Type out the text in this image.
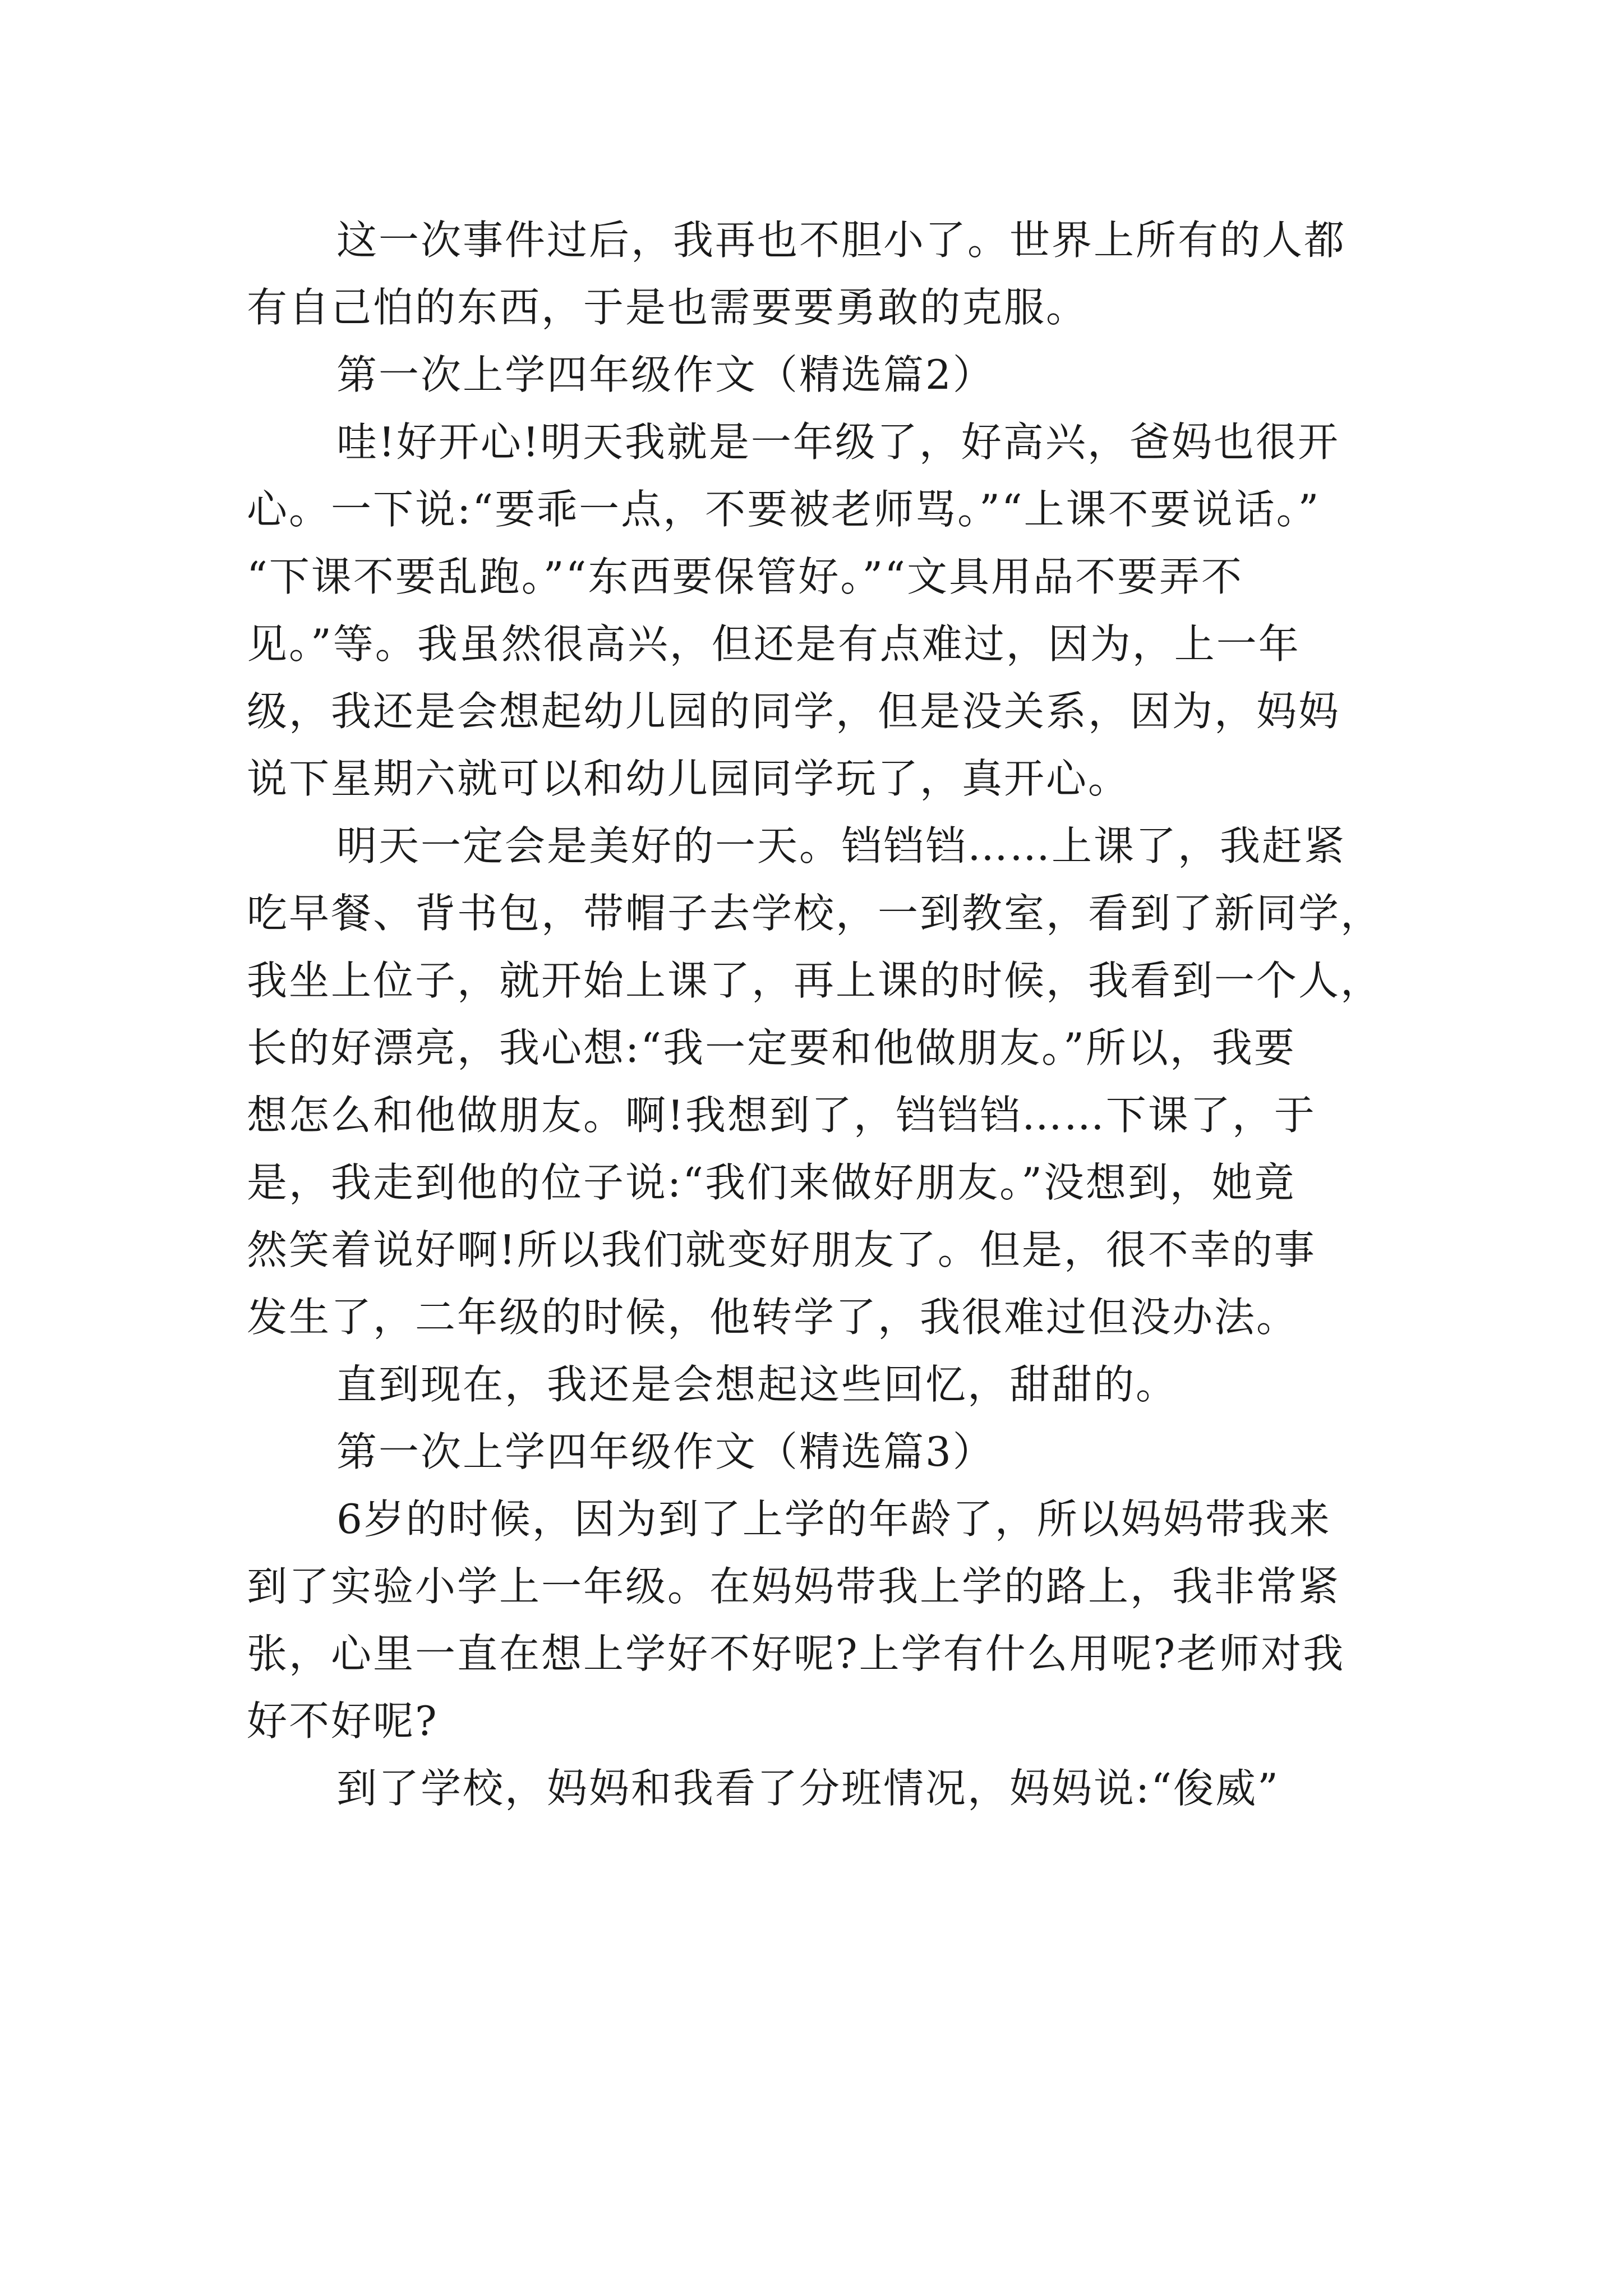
这一次事件过后，我再也不胆小了。世界上所有的人都
有自己怕的东西，于是也需要要勇敢的克服。
第一次上学四年级作文（精选篇2）
哇!好开心!明天我就是一年级了，好高兴，爸妈也很开
心。一下说:“要乖一点，不要被老师骂。”“上课不要说话。”
“下课不要乱跑。”“东西要保管好。”“文具用品不要弄不
见。”等。我虽然很高兴，但还是有点难过，因为，上一年
级，我还是会想起幼儿园的同学，但是没关系，因为，妈妈
说下星期六就可以和幼儿园同学玩了，真开心。
明天一定会是美好的一天。铛铛铛……上课了，我赶紧
吃早餐、背书包，带帽子去学校，一到教室，看到了新同学，
我坐上位子，就开始上课了，再上课的时候，我看到一个人，
长的好漂亮，我心想:“我一定要和他做朋友。”所以，我要
想怎么和他做朋友。啊!我想到了，铛铛铛……下课了，于
是，我走到他的位子说:“我们来做好朋友。”没想到，她竟
然笑着说好啊!所以我们就变好朋友了。但是，很不幸的事
发生了，二年级的时候，他转学了，我很难过但没办法。
直到现在，我还是会想起这些回忆，甜甜的。
第一次上学四年级作文（精选篇3）
6岁的时候，因为到了上学的年龄了，所以妈妈带我来
到了实验小学上一年级。在妈妈带我上学的路上，我非常紧
张，心里一直在想上学好不好呢?上学有什么用呢?老师对我
好不好呢?
到了学校，妈妈和我看了分班情况，妈妈说:“俊威”
